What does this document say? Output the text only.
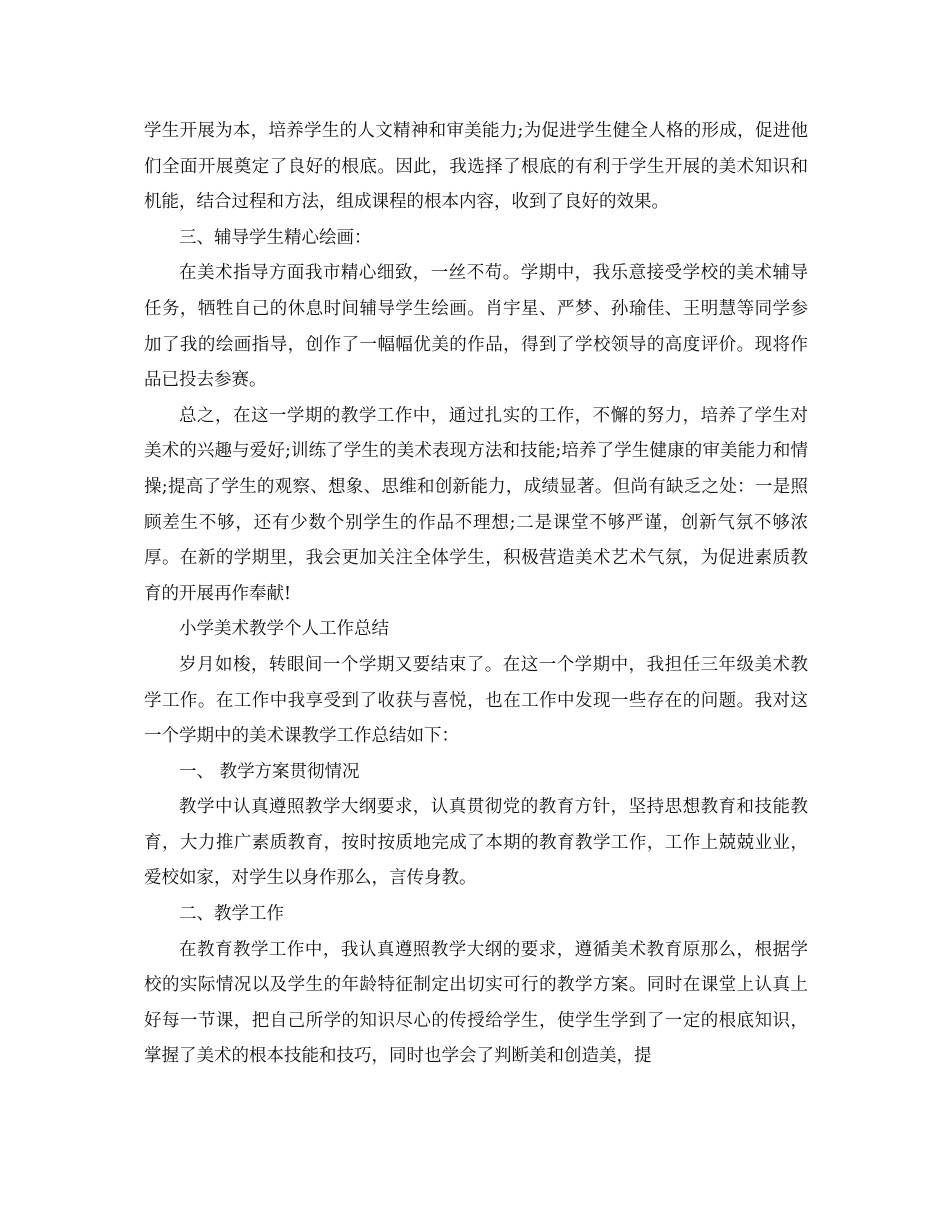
学生开展为本，培养学生的人文精神和审美能力;为促进学生健全人格的形成，促进他们全面开展奠定了良好的根底。因此，我选择了根底的有利于学生开展的美术知识和机能，结合过程和方法，组成课程的根本内容，收到了良好的效果。

三、辅导学生精心绘画：

在美术指导方面我市精心细致，一丝不苟。学期中，我乐意接受学校的美术辅导任务，牺牲自己的休息时间辅导学生绘画。肖宇星、严梦、孙瑜佳、王明慧等同学参加了我的绘画指导，创作了一幅幅优美的作品，得到了学校领导的高度评价。现将作品已投去参赛。

总之，在这一学期的教学工作中，通过扎实的工作，不懈的努力，培养了学生对美术的兴趣与爱好;训练了学生的美术表现方法和技能;培养了学生健康的审美能力和情操;提高了学生的观察、想象、思维和创新能力，成绩显著。但尚有缺乏之处：一是照顾差生不够，还有少数个别学生的作品不理想;二是课堂不够严谨，创新气氛不够浓厚。在新的学期里，我会更加关注全体学生，积极营造美术艺术气氛，为促进素质教育的开展再作奉献!

小学美术教学个人工作总结

岁月如梭，转眼间一个学期又要结束了。在这一个学期中，我担任三年级美术教学工作。在工作中我享受到了收获与喜悦，也在工作中发现一些存在的问题。我对这一个学期中的美术课教学工作总结如下：

一、 教学方案贯彻情况

教学中认真遵照教学大纲要求，认真贯彻党的教育方针，坚持思想教育和技能教育，大力推广素质教育，按时按质地完成了本期的教育教学工作，工作上兢兢业业，爱校如家，对学生以身作那么，言传身教。

二、教学工作

在教育教学工作中，我认真遵照教学大纲的要求，遵循美术教育原那么，根据学校的实际情况以及学生的年龄特征制定出切实可行的教学方案。同时在课堂上认真上好每一节课，把自己所学的知识尽心的传授给学生，使学生学到了一定的根底知识，掌握了美术的根本技能和技巧，同时也学会了判断美和创造美，提
